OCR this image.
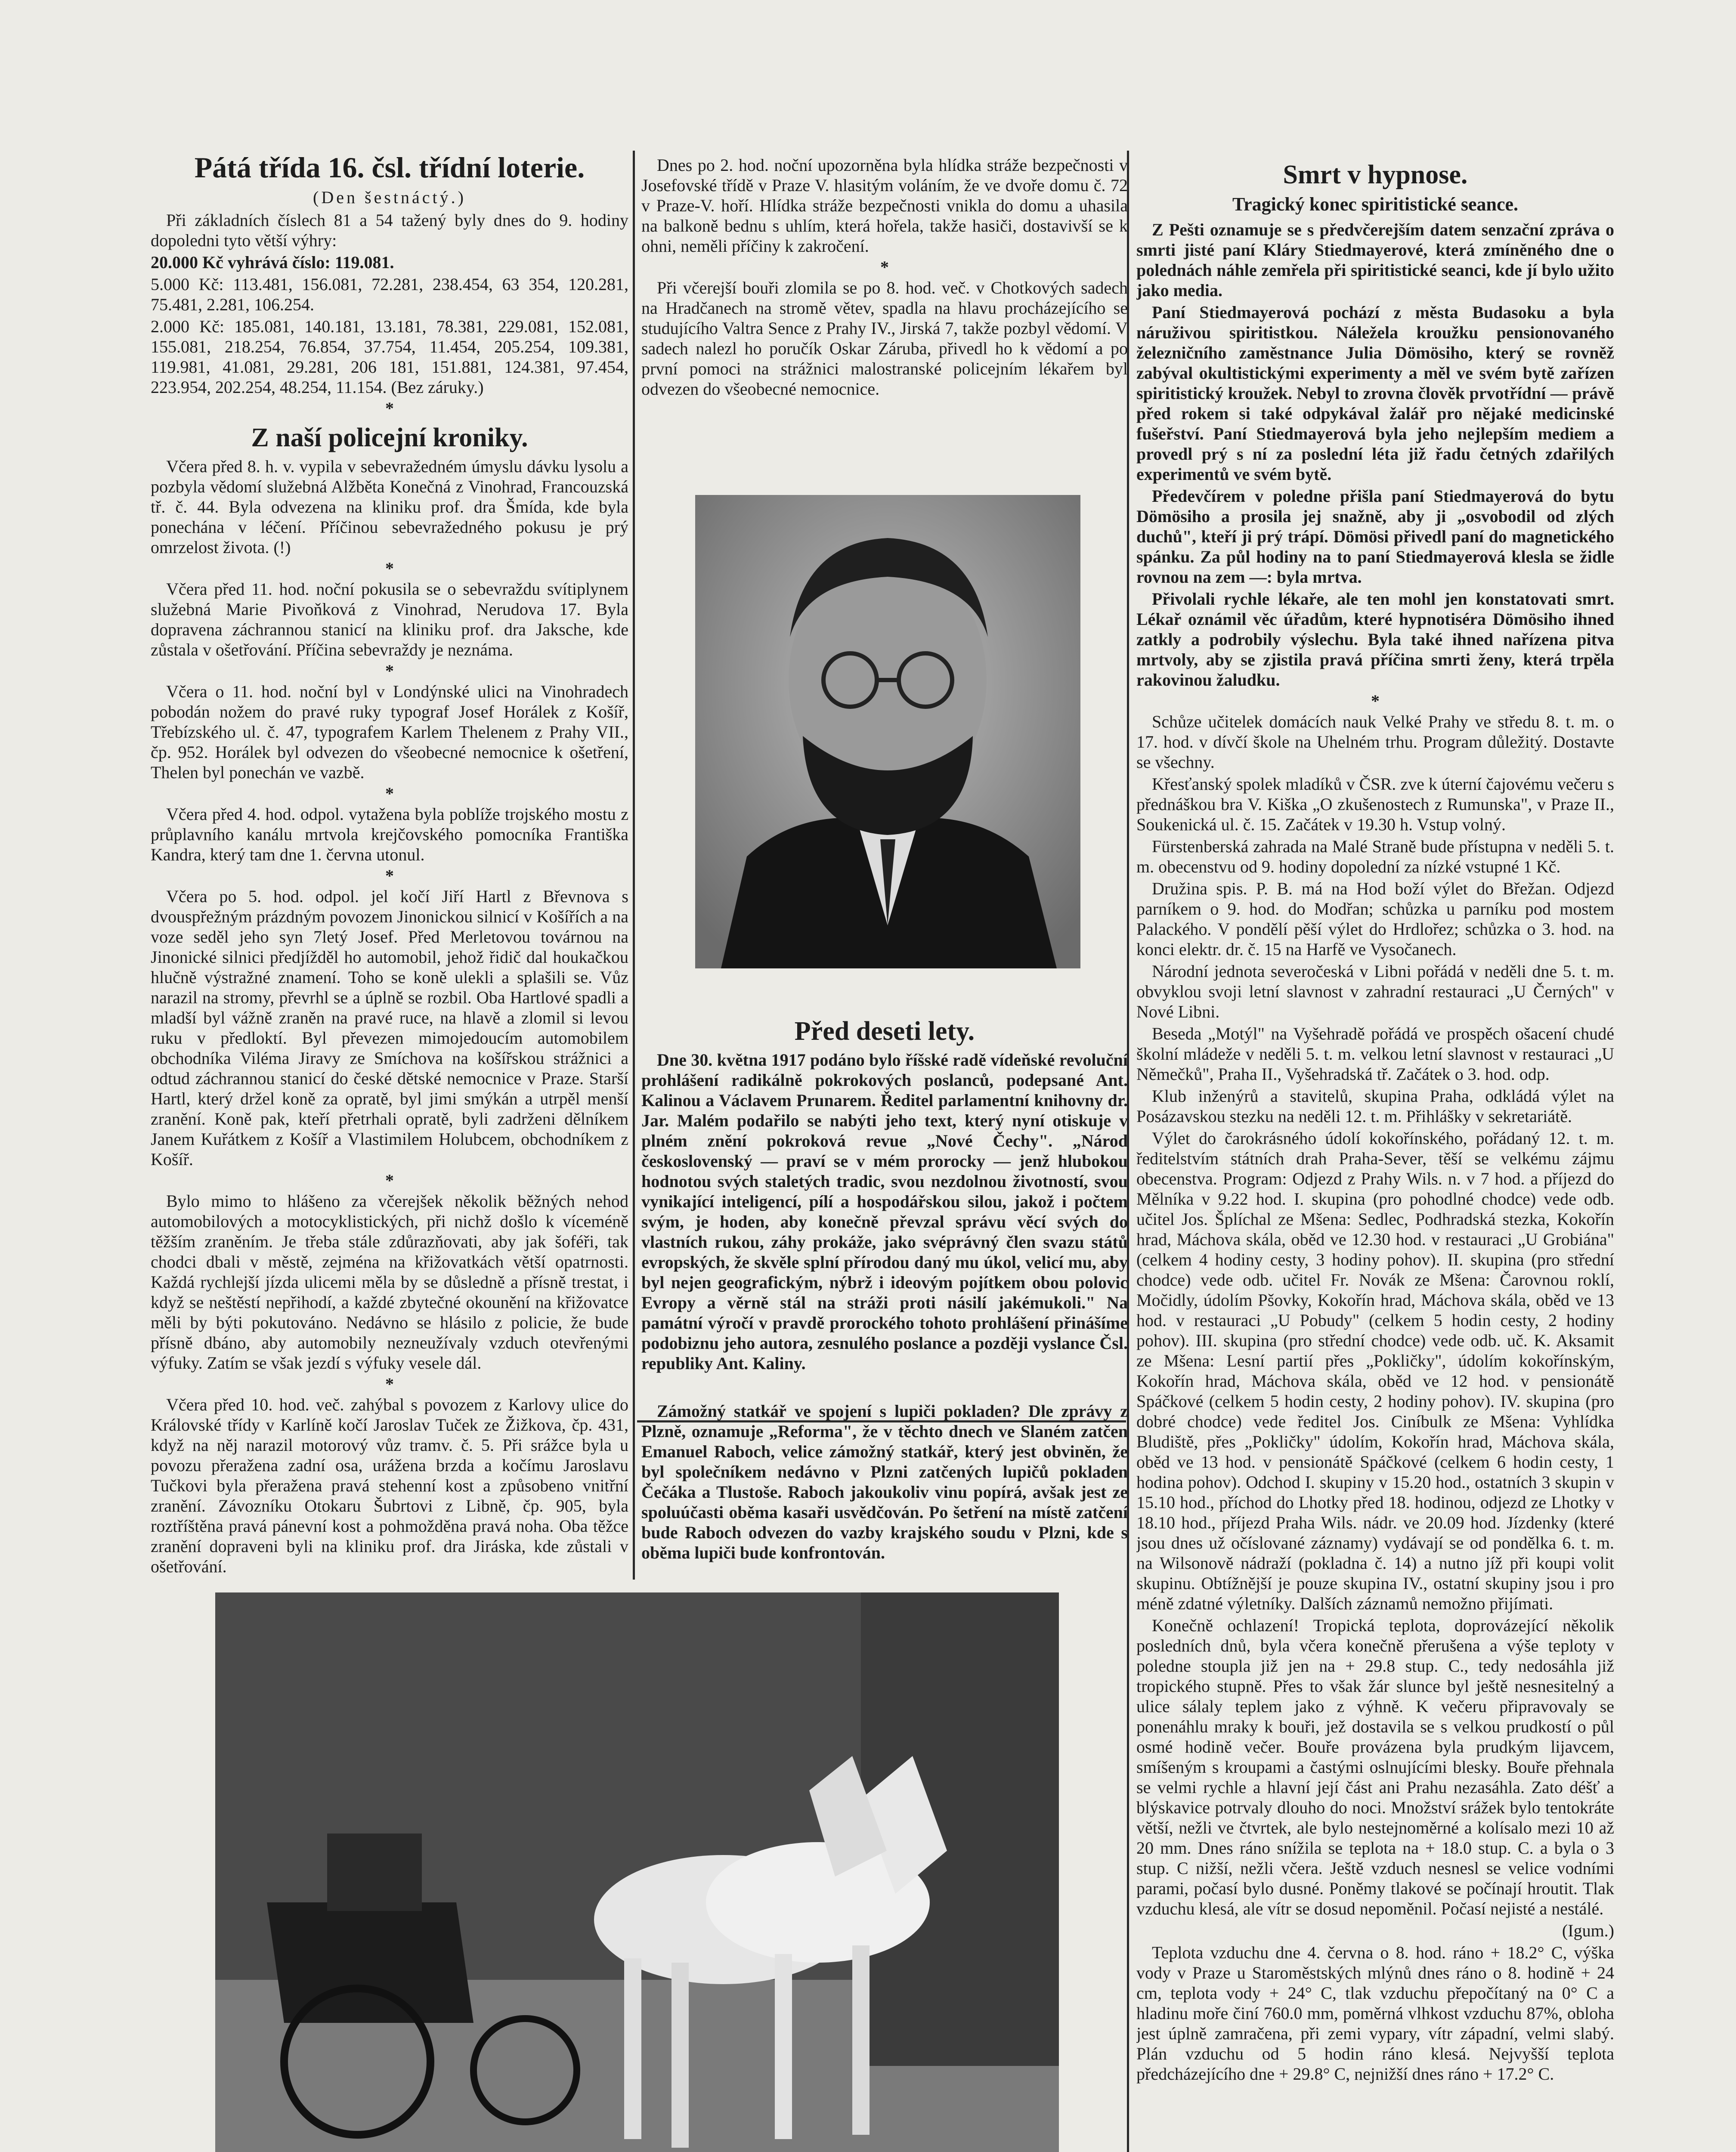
Pátá třída 16. čsl. třídní loterie.
(Den šestnáctý.)

Při základních číslech 81 a 54 tažený byly dnes do 9. hodiny dopoledni tyto větší výhry:

20.000 Kč vyhrává číslo: 119.081.

5.000 Kč: 113.481, 156.081, 72.281, 238.454, 63 354, 120.281, 75.481, 2.281, 106.254.

2.000 Kč: 185.081, 140.181, 13.181, 78.381, 229.081, 152.081, 155.081, 218.254, 76.854, 37.754, 11.454, 205.254, 109.381, 119.981, 41.081, 29.281, 206 181, 151.881, 124.381, 97.454, 223.954, 202.254, 48.254, 11.154. (Bez záruky.)

*
Z naší policejní kroniky.

Včera před 8. h. v. vypila v sebevražedném úmyslu dávku lysolu a pozbyla vědomí služebná Alžběta Konečná z Vinohrad, Francouzská tř. č. 44. Byla odvezena na kliniku prof. dra Šmída, kde byla ponechána v léčení. Příčinou sebevražedného pokusu je prý omrzelost života. (!)

*

Včera před 11. hod. noční pokusila se o sebevraždu svítiplynem služebná Marie Pivoňková z Vinohrad, Nerudova 17. Byla dopravena záchrannou stanicí na kliniku prof. dra Jaksche, kde zůstala v ošetřování. Příčina sebevraždy je neznáma.

*

Včera o 11. hod. noční byl v Londýnské ulici na Vinohradech pobodán nožem do pravé ruky typograf Josef Horálek z Košíř, Třebízského ul. č. 47, typografem Karlem Thelenem z Prahy VII., čp. 952. Horálek byl odvezen do všeobecné nemocnice k ošetření, Thelen byl ponechán ve vazbě.

*

Včera před 4. hod. odpol. vytažena byla poblíže trojského mostu z průplavního kanálu mrtvola krejčovského pomocníka Františka Kandra, který tam dne 1. června utonul.

*

Včera po 5. hod. odpol. jel kočí Jiří Hartl z Břevnova s dvouspřežným prázdným povozem Jinonickou silnicí v Košířích a na voze seděl jeho syn 7letý Josef. Před Merletovou továrnou na Jinonické silnici předjížděl ho automobil, jehož řidič dal houkačkou hlučně výstražné znamení. Toho se koně ulekli a splašili se. Vůz narazil na stromy, převrhl se a úplně se rozbil. Oba Hartlové spadli a mladší byl vážně zraněn na pravé ruce, na hlavě a zlomil si levou ruku v předloktí. Byl převezen mimojedoucím automobilem obchodníka Viléma Jiravy ze Smíchova na košířskou strážnici a odtud záchrannou stanicí do české dětské nemocnice v Praze. Starší Hartl, který držel koně za opratě, byl jimi smýkán a utrpěl menší zranění. Koně pak, kteří přetrhali opratě, byli zadrženi dělníkem Janem Kuřátkem z Košíř a Vlastimilem Holubcem, obchodníkem z Košíř.

*

Bylo mimo to hlášeno za včerejšek několik běžných nehod automobilových a motocyklistických, při nichž došlo k víceméně těžším zraněním. Je třeba stále zdůrazňovati, aby jak šoféři, tak chodci dbali v městě, zejména na křižovatkách větší opatrnosti. Každá rychlejší jízda ulicemi měla by se důsledně a přísně trestat, i když se neštěstí nepřihodí, a každé zbytečné okounění na křižovatce měli by býti pokutováno. Nedávno se hlásilo z policie, že bude přísně dbáno, aby automobily nezneužívaly vzduch otevřenými výfuky. Zatím se však jezdí s výfuky vesele dál.

*

Včera před 10. hod. več. zahýbal s povozem z Karlovy ulice do Královské třídy v Karlíně kočí Jaroslav Tuček ze Žižkova, čp. 431, když na něj narazil motorový vůz tramv. č. 5. Při srážce byla u povozu přeražena zadní osa, urážena brzda a kočímu Jaroslavu Tučkovi byla přeražena pravá stehenní kost a způsobeno vnitřní zranění. Závozníku Otokaru Šubrtovi z Libně, čp. 905, byla roztříštěna pravá pánevní kost a pohmožděna pravá noha. Oba těžce zranění dopraveni byli na kliniku prof. dra Jiráska, kde zůstali v ošetřování.

Dnes po 2. hod. noční upozorněna byla hlídka stráže bezpečnosti v Josefovské třídě v Praze V. hlasitým voláním, že ve dvoře domu č. 72 v Praze-V. hoří. Hlídka stráže bezpečnosti vnikla do domu a uhasila na balkoně bednu s uhlím, která hořela, takže hasiči, dostavivší se k ohni, neměli příčiny k zakročení.

*

Při včerejší bouři zlomila se po 8. hod. več. v Chotkových sadech na Hradčanech na stromě větev, spadla na hlavu procházejícího se studujícího Valtra Sence z Prahy IV., Jirská 7, takže pozbyl vědomí. V sadech nalezl ho poručík Oskar Záruba, přivedl ho k vědomí a po první pomoci na strážnici malostranské policejním lékařem byl odvezen do všeobecné nemocnice.

Před deseti lety.

Dne 30. května 1917 podáno bylo říšské radě vídeňské revoluční prohlášení radikálně pokrokových poslanců, podepsané Ant. Kalinou a Václavem Prunarem. Ředitel parlamentní knihovny dr. Jar. Malém podařilo se nabýti jeho text, který nyní otiskuje v plném znění pokroková revue „Nové Čechy". „Národ československý — praví se v mém prorocky — jenž hlubokou hodnotou svých staletých tradic, svou nezdolnou životností, svou vynikající inteligencí, pílí a hospodářskou silou, jakož i počtem svým, je hoden, aby konečně převzal správu věcí svých do vlastních rukou, záhy prokáže, jako svéprávný člen svazu států evropských, že skvěle splní přírodou daný mu úkol, velicí mu, aby byl nejen geografickým, nýbrž i ideovým pojítkem obou polovic Evropy a věrně stál na stráži proti násilí jakémukoli." Na památní výročí v pravdě prorockého tohoto prohlášení přinášíme podobiznu jeho autora, zesnulého poslance a později vyslance Čsl. republiky Ant. Kaliny.

Zámožný statkář ve spojení s lupiči pokladen? Dle zprávy z Plzně, oznamuje „Reforma", že v těchto dnech ve Slaném zatčen Emanuel Raboch, velice zámožný statkář, který jest obviněn, že byl společníkem nedávno v Plzni zatčených lupičů pokladen Čečáka a Tlustoše. Raboch jakoukoliv vinu popírá, avšak jest ze spoluúčasti oběma kasaři usvědčován. Po šetření na místě zatčení bude Raboch odvezen do vazby krajského soudu v Plzni, kde s oběma lupiči bude konfrontován.

Smrt v hypnose.
Tragický konec spiritistické seance.

Z Pešti oznamuje se s předvčerejším datem senzační zpráva o smrti jisté paní Kláry Stiedmayerové, která zmíněného dne o polednách náhle zemřela při spiritistické seanci, kde jí bylo užito jako media.

Paní Stiedmayerová pochází z města Budasoku a byla náruživou spiritistkou. Náležela kroužku pensionovaného železničního zaměstnance Julia Dömösiho, který se rovněž zabýval okultistickými experimenty a měl ve svém bytě zařízen spiritistický kroužek. Nebyl to zrovna člověk prvotřídní — právě před rokem si také odpykával žalář pro nějaké medicinské fušeřství. Paní Stiedmayerová byla jeho nejlepším mediem a provedl prý s ní za poslední léta již řadu četných zdařilých experimentů ve svém bytě.

Předevčírem v poledne přišla paní Stiedmayerová do bytu Dömösiho a prosila jej snažně, aby ji „osvobodil od zlých duchů", kteří ji prý trápí. Dömösi přivedl paní do magnetického spánku. Za půl hodiny na to paní Stiedmayerová klesla se židle rovnou na zem —: byla mrtva.

Přivolali rychle lékaře, ale ten mohl jen konstatovati smrt. Lékař oznámil věc úřadům, které hypnotiséra Dömösiho ihned zatkly a podrobily výslechu. Byla také ihned nařízena pitva mrtvoly, aby se zjistila pravá příčina smrti ženy, která trpěla rakovinou žaludku.

*

Schůze učitelek domácích nauk Velké Prahy ve středu 8. t. m. o 17. hod. v dívčí škole na Uhelném trhu. Program důležitý. Dostavte se všechny.

Křesťanský spolek mladíků v ČSR. zve k úterní čajovému večeru s přednáškou bra V. Kiška „O zkušenostech z Rumunska", v Praze II., Soukenická ul. č. 15. Začátek v 19.30 h. Vstup volný.

Fürstenberská zahrada na Malé Straně bude přístupna v neděli 5. t. m. obecenstvu od 9. hodiny dopolední za nízké vstupné 1 Kč.

Družina spis. P. B. má na Hod boží výlet do Břežan. Odjezd parníkem o 9. hod. do Modřan; schůzka u parníku pod mostem Palackého. V pondělí pěší výlet do Hrdlořez; schůzka o 3. hod. na konci elektr. dr. č. 15 na Harfě ve Vysočanech.

Národní jednota severočeská v Libni pořádá v neděli dne 5. t. m. obvyklou svoji letní slavnost v zahradní restauraci „U Černých" v Nové Libni.

Beseda „Motýl" na Vyšehradě pořádá ve prospěch ošacení chudé školní mládeže v neděli 5. t. m. velkou letní slavnost v restauraci „U Němečků", Praha II., Vyšehradská tř. Začátek o 3. hod. odp.

Klub inženýrů a stavitelů, skupina Praha, odkládá výlet na Posázavskou stezku na neděli 12. t. m. Přihlášky v sekretariátě.

Výlet do čarokrásného údolí kokořínského, pořádaný 12. t. m. ředitelstvím státních drah Praha-Sever, těší se velkému zájmu obecenstva. Program: Odjezd z Prahy Wils. n. v 7 hod. a příjezd do Mělníka v 9.22 hod. I. skupina (pro pohodlné chodce) vede odb. učitel Jos. Šplíchal ze Mšena: Sedlec, Podhradská stezka, Kokořín hrad, Máchova skála, oběd ve 12.30 hod. v restauraci „U Grobiána" (celkem 4 hodiny cesty, 3 hodiny pohov). II. skupina (pro střední chodce) vede odb. učitel Fr. Novák ze Mšena: Čarovnou roklí, Močidly, údolím Pšovky, Kokořín hrad, Máchova skála, oběd ve 13 hod. v restauraci „U Pobudy" (celkem 5 hodin cesty, 2 hodiny pohov). III. skupina (pro střední chodce) vede odb. uč. K. Aksamit ze Mšena: Lesní partií přes „Pokličky", údolím kokořínským, Kokořín hrad, Máchova skála, oběd ve 12 hod. v pensionátě Spáčkové (celkem 5 hodin cesty, 2 hodiny pohov). IV. skupina (pro dobré chodce) vede ředitel Jos. Ciníbulk ze Mšena: Vyhlídka Bludiště, přes „Pokličky" údolím, Kokořín hrad, Máchova skála, oběd ve 13 hod. v pensionátě Spáčkové (celkem 6 hodin cesty, 1 hodina pohov). Odchod I. skupiny v 15.20 hod., ostatních 3 skupin v 15.10 hod., příchod do Lhotky před 18. hodinou, odjezd ze Lhotky v 18.10 hod., příjezd Praha Wils. nádr. ve 20.09 hod. Jízdenky (které jsou dnes už očíslované záznamy) vydávají se od pondělka 6. t. m. na Wilsonově nádraží (pokladna č. 14) a nutno jíž při koupi volit skupinu. Obtížnější je pouze skupina IV., ostatní skupiny jsou i pro méně zdatné výletníky. Dalších záznamů nemožno přijímati.

Konečně ochlazení! Tropická teplota, doprovázející několik posledních dnů, byla včera konečně přerušena a výše teploty v poledne stoupla již jen na + 29.8 stup. C., tedy nedosáhla již tropického stupně. Přes to však žár slunce byl ještě nesnesitelný a ulice sálaly teplem jako z výhně. K večeru připravovaly se ponenáhlu mraky k bouři, jež dostavila se s velkou prudkostí o půl osmé hodině večer. Bouře provázena byla prudkým lijavcem, smíšeným s kroupami a častými oslnujícími blesky. Bouře přehnala se velmi rychle a hlavní její část ani Prahu nezasáhla. Zato déšť a blýskavice potrvaly dlouho do noci. Množství srážek bylo tentokráte větší, nežli ve čtvrtek, ale bylo nestejnoměrné a kolísalo mezi 10 až 20 mm. Dnes ráno snížila se teplota na + 18.0 stup. C. a byla o 3 stup. C nižší, nežli včera. Ještě vzduch nesnesl se velice vodními parami, počasí bylo dusné. Poněmy tlakové se počínají hroutit. Tlak vzduchu klesá, ale vítr se dosud nepoměnil. Počasí nejisté a nestálé.

(Igum.)

Teplota vzduchu dne 4. června o 8. hod. ráno + 18.2° C, výška vody v Praze u Staroměstských mlýnů dnes ráno o 8. hodině + 24 cm, teplota vody + 24° C, tlak vzduchu přepočítaný na 0° C a hladinu moře činí 760.0 mm, poměrná vlhkost vzduchu 87%, obloha jest úplně zamračena, při zemi vypary, vítr západní, velmi slabý. Plán vzduchu od 5 hodin ráno klesá. Nejvyšší teplota předcházejícího dne + 29.8° C, nejnižší dnes ráno + 17.2° C.
